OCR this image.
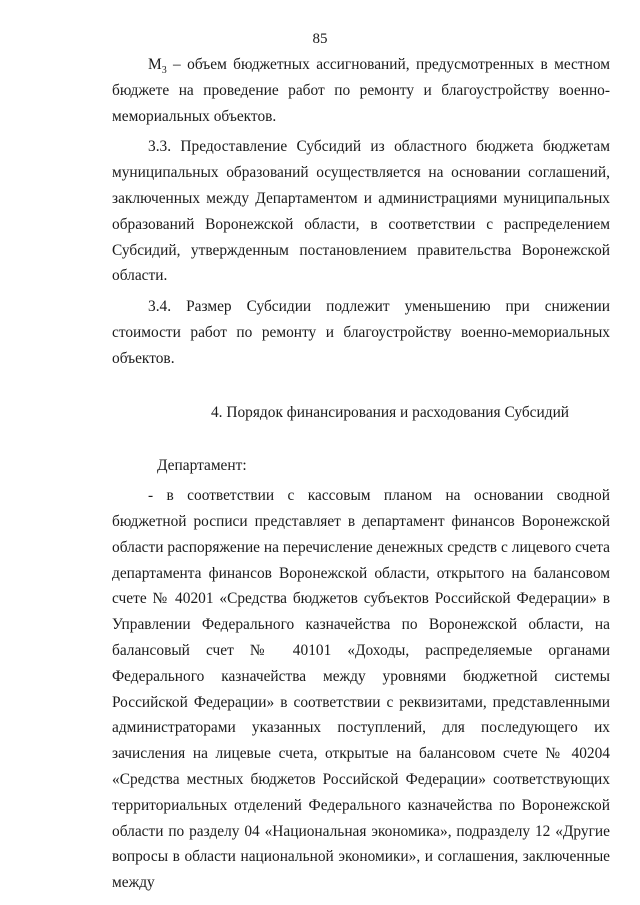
85

$М_3$ – объем бюджетных ассигнований, предусмотренных в местном бюджете на проведение работ по ремонту и благоустройству военно-мемориальных объектов.

3.3. Предоставление Субсидий из областного бюджета бюджетам муниципальных образований осуществляется на основании соглашений, заключенных между Департаментом и администрациями муниципальных образований Воронежской области, в соответствии с распределением Субсидий, утвержденным постановлением правительства Воронежской области.

3.4. Размер Субсидии подлежит уменьшению при снижении стоимости работ по ремонту и благоустройству военно-мемориальных объектов.

4. Порядок финансирования и расходования Субсидий

Департамент:

- в соответствии с кассовым планом на основании сводной бюджетной росписи представляет в департамент финансов Воронежской области распоряжение на перечисление денежных средств с лицевого счета департамента финансов Воронежской области, открытого на балансовом счете № 40201 «Средства бюджетов субъектов Российской Федерации» в Управлении Федерального казначейства по Воронежской области, на балансовый счет № 40101 «Доходы, распределяемые органами Федерального казначейства между уровнями бюджетной системы Российской Федерации» в соответствии с реквизитами, представленными администраторами указанных поступлений, для последующего их зачисления на лицевые счета, открытые на балансовом счете № 40204 «Средства местных бюджетов Российской Федерации» соответствующих территориальных отделений Федерального казначейства по Воронежской области по разделу 04 «Национальная экономика», подразделу 12 «Другие вопросы в области национальной экономики», и соглашения, заключенные между
